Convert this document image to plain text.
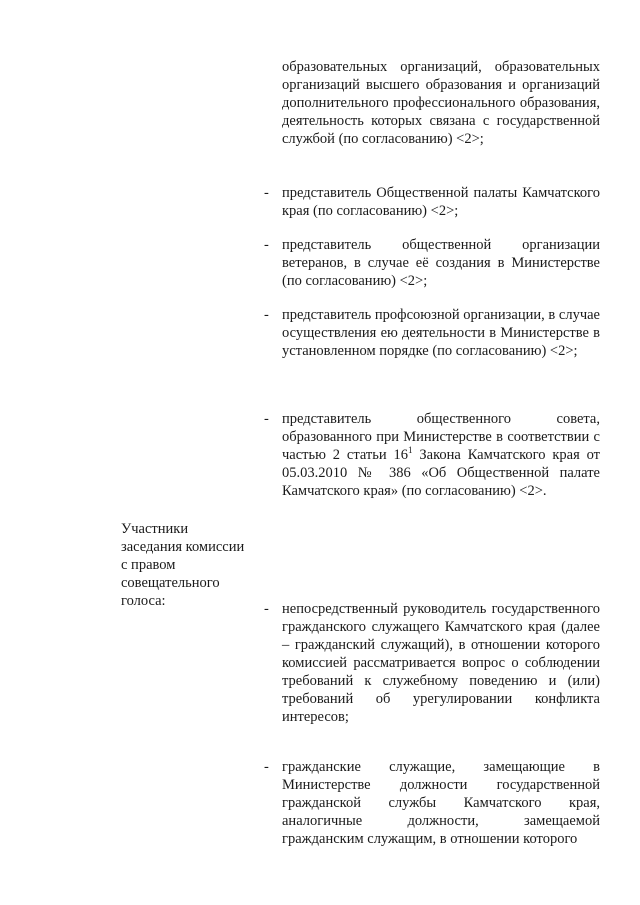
образовательных организаций, образовательных организаций высшего образования и организаций дополнительного профессионального образования, деятельность которых связана с государственной службой (по согласованию) <2>;

- представитель Общественной палаты Камчатского края (по согласованию) <2>;

- представитель общественной организации ветеранов, в случае её создания в Министерстве (по согласованию) <2>;

- представитель профсоюзной организации, в случае осуществления ею деятельности в Министерстве в установленном порядке (по согласованию) <2>;

- представитель общественного совета, образованного при Министерстве в соответствии с частью 2 статьи $16^1$ Закона Камчатского края от 05.03.2010 № 386 «Об Общественной палате Камчатского края» (по согласованию) <2>.

Участники
заседания комиссии
с правом
совещательного
голоса:	- непосредственный руководитель государственного гражданского служащего Камчатского края (далее – гражданский служащий), в отношении которого комиссией рассматривается вопрос о соблюдении требований к служебному поведению и (или) требований об урегулировании конфликта интересов;

- гражданские служащие, замещающие в Министерстве должности государственной гражданской службы Камчатского края, аналогичные должности, замещаемой гражданским служащим, в отношении которого
